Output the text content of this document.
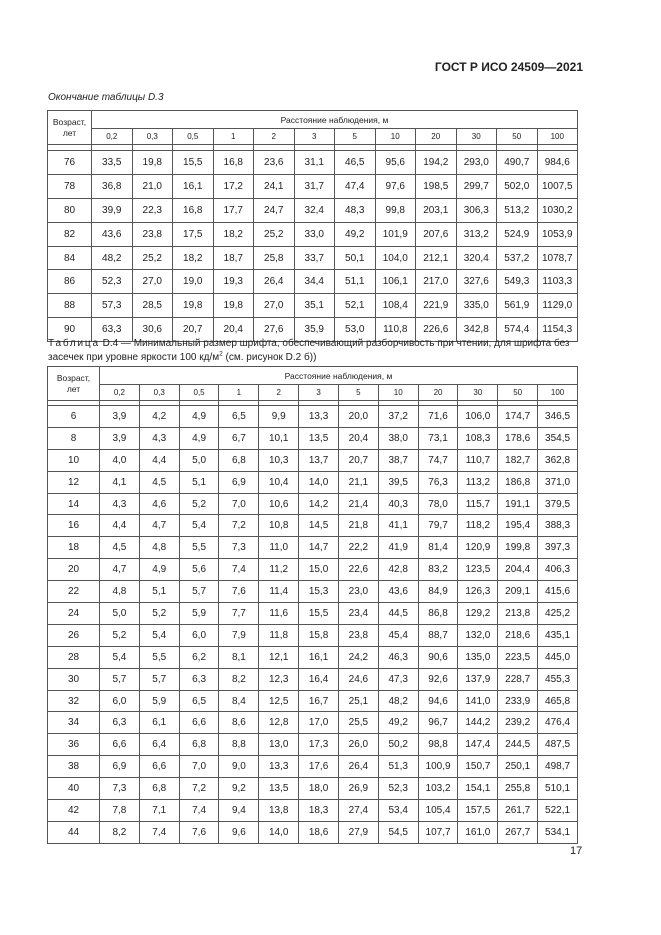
ГОСТ Р ИСО 24509—2021
Окончание таблицы D.3
Возраст,
лет	Расстояние наблюдения, м											
	0,2	0,3	0,5	1	2	3	5	10	20	30	50	100

76	33,5	19,8	15,5	16,8	23,6	31,1	46,5	95,6	194,2	293,0	490,7	984,6
78	36,8	21,0	16,1	17,2	24,1	31,7	47,4	97,6	198,5	299,7	502,0	1007,5
80	39,9	22,3	16,8	17,7	24,7	32,4	48,3	99,8	203,1	306,3	513,2	1030,2
82	43,6	23,8	17,5	18,2	25,2	33,0	49,2	101,9	207,6	313,2	524,9	1053,9
84	48,2	25,2	18,2	18,7	25,8	33,7	50,1	104,0	212,1	320,4	537,2	1078,7
86	52,3	27,0	19,0	19,3	26,4	34,4	51,1	106,1	217,0	327,6	549,3	1103,3
88	57,3	28,5	19,8	19,8	27,0	35,1	52,1	108,4	221,9	335,0	561,9	1129,0
90	63,3	30,6	20,7	20,4	27,6	35,9	53,0	110,8	226,6	342,8	574,4	1154,3
Таблица D.4 — Минимальный размер шрифта, обеспечивающий разборчивость при чтении, для шрифта без засечек при уровне яркости 100 $кд/м^2$ (см. рисунок D.2 б))
Возраст,
лет	Расстояние наблюдения, м											
	0,2	0,3	0,5	1	2	3	5	10	20	30	50	100

6	3,9	4,2	4,9	6,5	9,9	13,3	20,0	37,2	71,6	106,0	174,7	346,5
8	3,9	4,3	4,9	6,7	10,1	13,5	20,4	38,0	73,1	108,3	178,6	354,5
10	4,0	4,4	5,0	6,8	10,3	13,7	20,7	38,7	74,7	110,7	182,7	362,8
12	4,1	4,5	5,1	6,9	10,4	14,0	21,1	39,5	76,3	113,2	186,8	371,0
14	4,3	4,6	5,2	7,0	10,6	14,2	21,4	40,3	78,0	115,7	191,1	379,5
16	4,4	4,7	5,4	7,2	10,8	14,5	21,8	41,1	79,7	118,2	195,4	388,3
18	4,5	4,8	5,5	7,3	11,0	14,7	22,2	41,9	81,4	120,9	199,8	397,3
20	4,7	4,9	5,6	7,4	11,2	15,0	22,6	42,8	83,2	123,5	204,4	406,3
22	4,8	5,1	5,7	7,6	11,4	15,3	23,0	43,6	84,9	126,3	209,1	415,6
24	5,0	5,2	5,9	7,7	11,6	15,5	23,4	44,5	86,8	129,2	213,8	425,2
26	5,2	5,4	6,0	7,9	11,8	15,8	23,8	45,4	88,7	132,0	218,6	435,1
28	5,4	5,5	6,2	8,1	12,1	16,1	24,2	46,3	90,6	135,0	223,5	445,0
30	5,7	5,7	6,3	8,2	12,3	16,4	24,6	47,3	92,6	137,9	228,7	455,3
32	6,0	5,9	6,5	8,4	12,5	16,7	25,1	48,2	94,6	141,0	233,9	465,8
34	6,3	6,1	6,6	8,6	12,8	17,0	25,5	49,2	96,7	144,2	239,2	476,4
36	6,6	6,4	6,8	8,8	13,0	17,3	26,0	50,2	98,8	147,4	244,5	487,5
38	6,9	6,6	7,0	9,0	13,3	17,6	26,4	51,3	100,9	150,7	250,1	498,7
40	7,3	6,8	7,2	9,2	13,5	18,0	26,9	52,3	103,2	154,1	255,8	510,1
42	7,8	7,1	7,4	9,4	13,8	18,3	27,4	53,4	105,4	157,5	261,7	522,1
44	8,2	7,4	7,6	9,6	14,0	18,6	27,9	54,5	107,7	161,0	267,7	534,1
17
